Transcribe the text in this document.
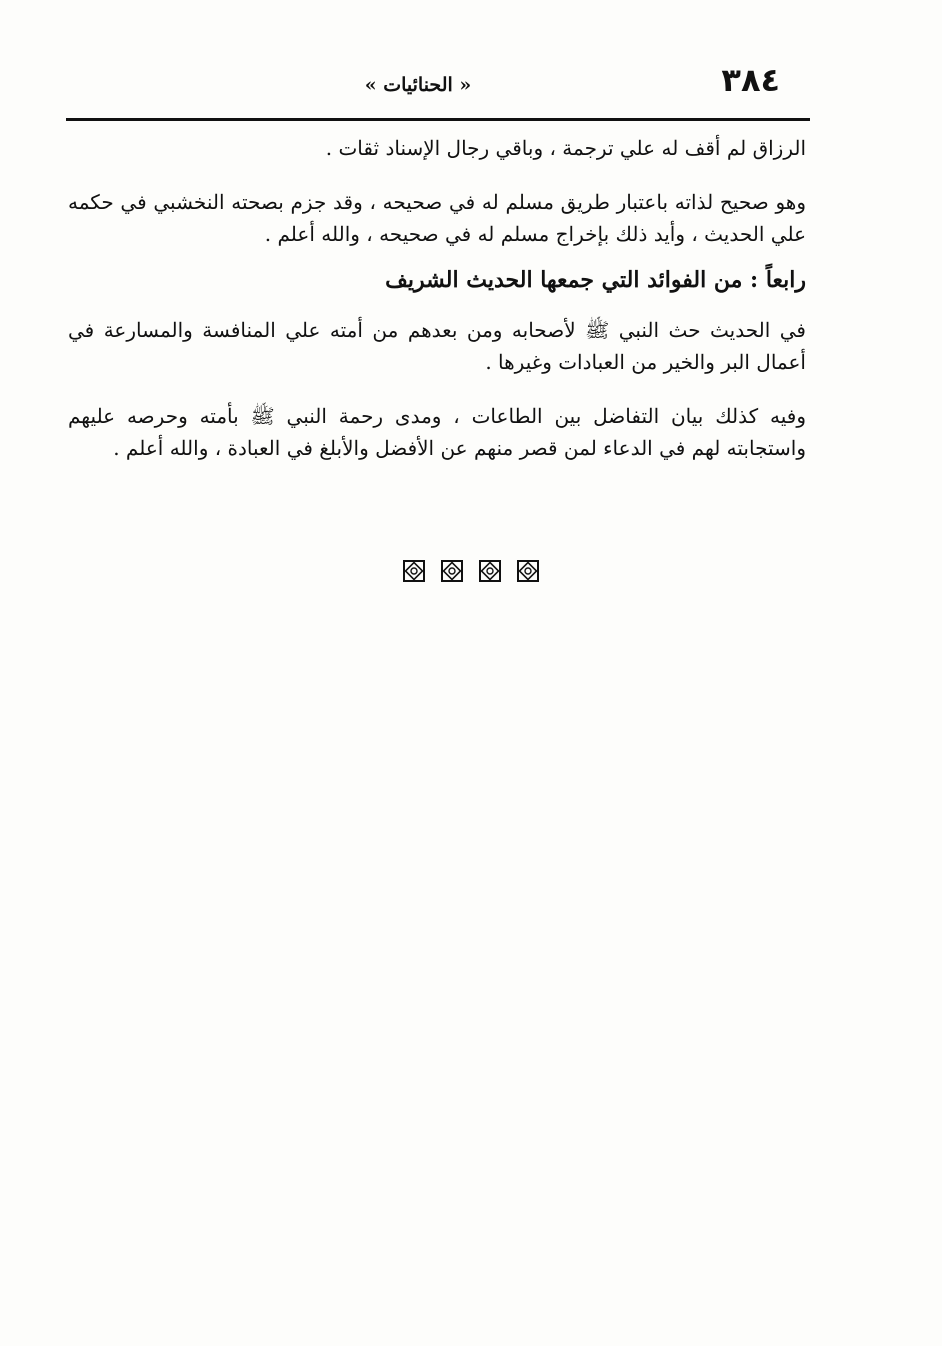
٣٨٤
« الحنائيات »

الرزاق لم أقف له علي ترجمة ، وباقي رجال الإسناد ثقات .

وهو صحيح لذاته باعتبار طريق مسلم له في صحيحه ، وقد جزم بصحته النخشبي في حكمه علي الحديث ، وأيد ذلك بإخراج مسلم له في صحيحه ، والله أعلم .

رابعاً : من الفوائد التي جمعها الحديث الشريف

في الحديث حث النبي ﷺ لأصحابه ومن بعدهم من أمته علي المنافسة والمسارعة في أعمال البر والخير من العبادات وغيرها .

وفيه كذلك بيان التفاضل بين الطاعات ، ومدى رحمة النبي ﷺ بأمته وحرصه عليهم واستجابته لهم في الدعاء لمن قصر منهم عن الأفضل والأبلغ في العبادة ، والله أعلم .
